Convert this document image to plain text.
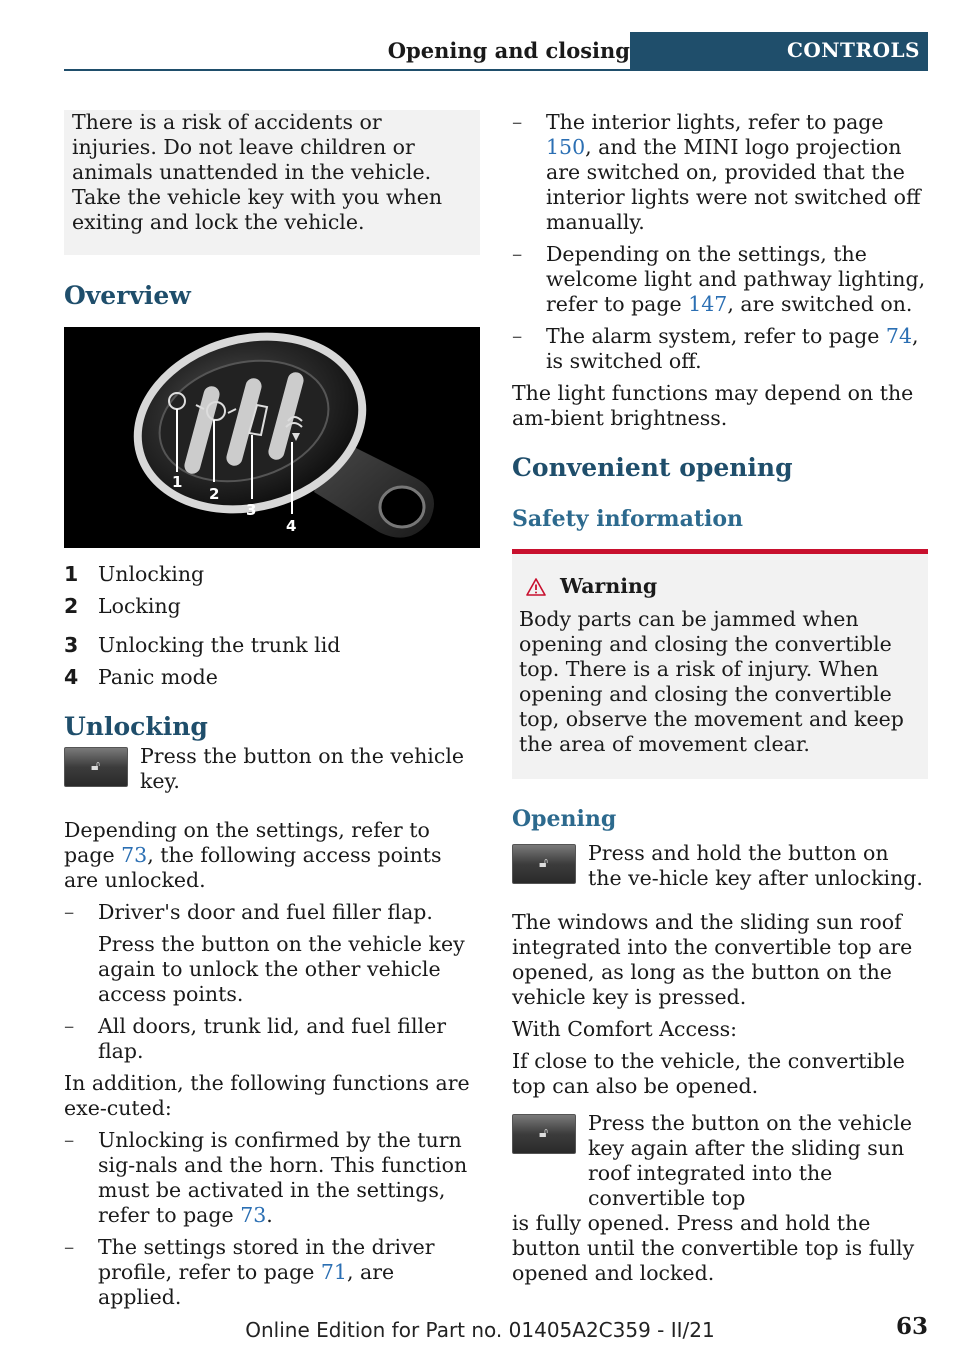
Opening and closing	CONTROLS

There is a risk of accidents or injuries. Do not leave children or animals unattended in the vehicle. Take the vehicle key with you when exiting and lock the vehicle.

Overview
1
2
3
4
1 Unlocking
2 Locking
3 Unlocking the trunk lid
4 Panic mode
Unlocking
🔓︎ Press the button on the vehicle key.

Depending on the settings, refer to page 73, the following access points are unlocked.

– Driver's door and fuel filler flap.

Press the button on the vehicle key again to unlock the other vehicle access points.

– All doors, trunk lid, and fuel filler flap.

In addition, the following functions are exe‐cuted:

– Unlocking is confirmed by the turn sig‐nals and the horn. This function must be activated in the settings, refer to page 73.
– The settings stored in the driver profile, refer to page 71, are applied.
– The interior lights, refer to page 150, and the MINI logo projection are switched on, provided that the interior lights were not switched off manually.
– Depending on the settings, the welcome light and pathway lighting, refer to page 147, are switched on.
– The alarm system, refer to page 74, is switched off.

The light functions may depend on the am‐bient brightness.

Convenient opening
Safety information
Warning

Body parts can be jammed when opening and closing the convertible top. There is a risk of injury. When opening and closing the convertible top, observe the movement and keep the area of movement clear.

Opening
🔓︎ Press and hold the button on the ve‐hicle key after unlocking.

The windows and the sliding sun roof integrated into the convertible top are opened, as long as the button on the vehicle key is pressed.

With Comfort Access:

If close to the vehicle, the convertible top can also be opened.

🔓︎ Press the button on the vehicle key again after the sliding sun roof integrated into the convertible top

is fully opened. Press and hold the button until the convertible top is fully opened and locked.

Online Edition for Part no. 01405A2C359 - II/21	63
